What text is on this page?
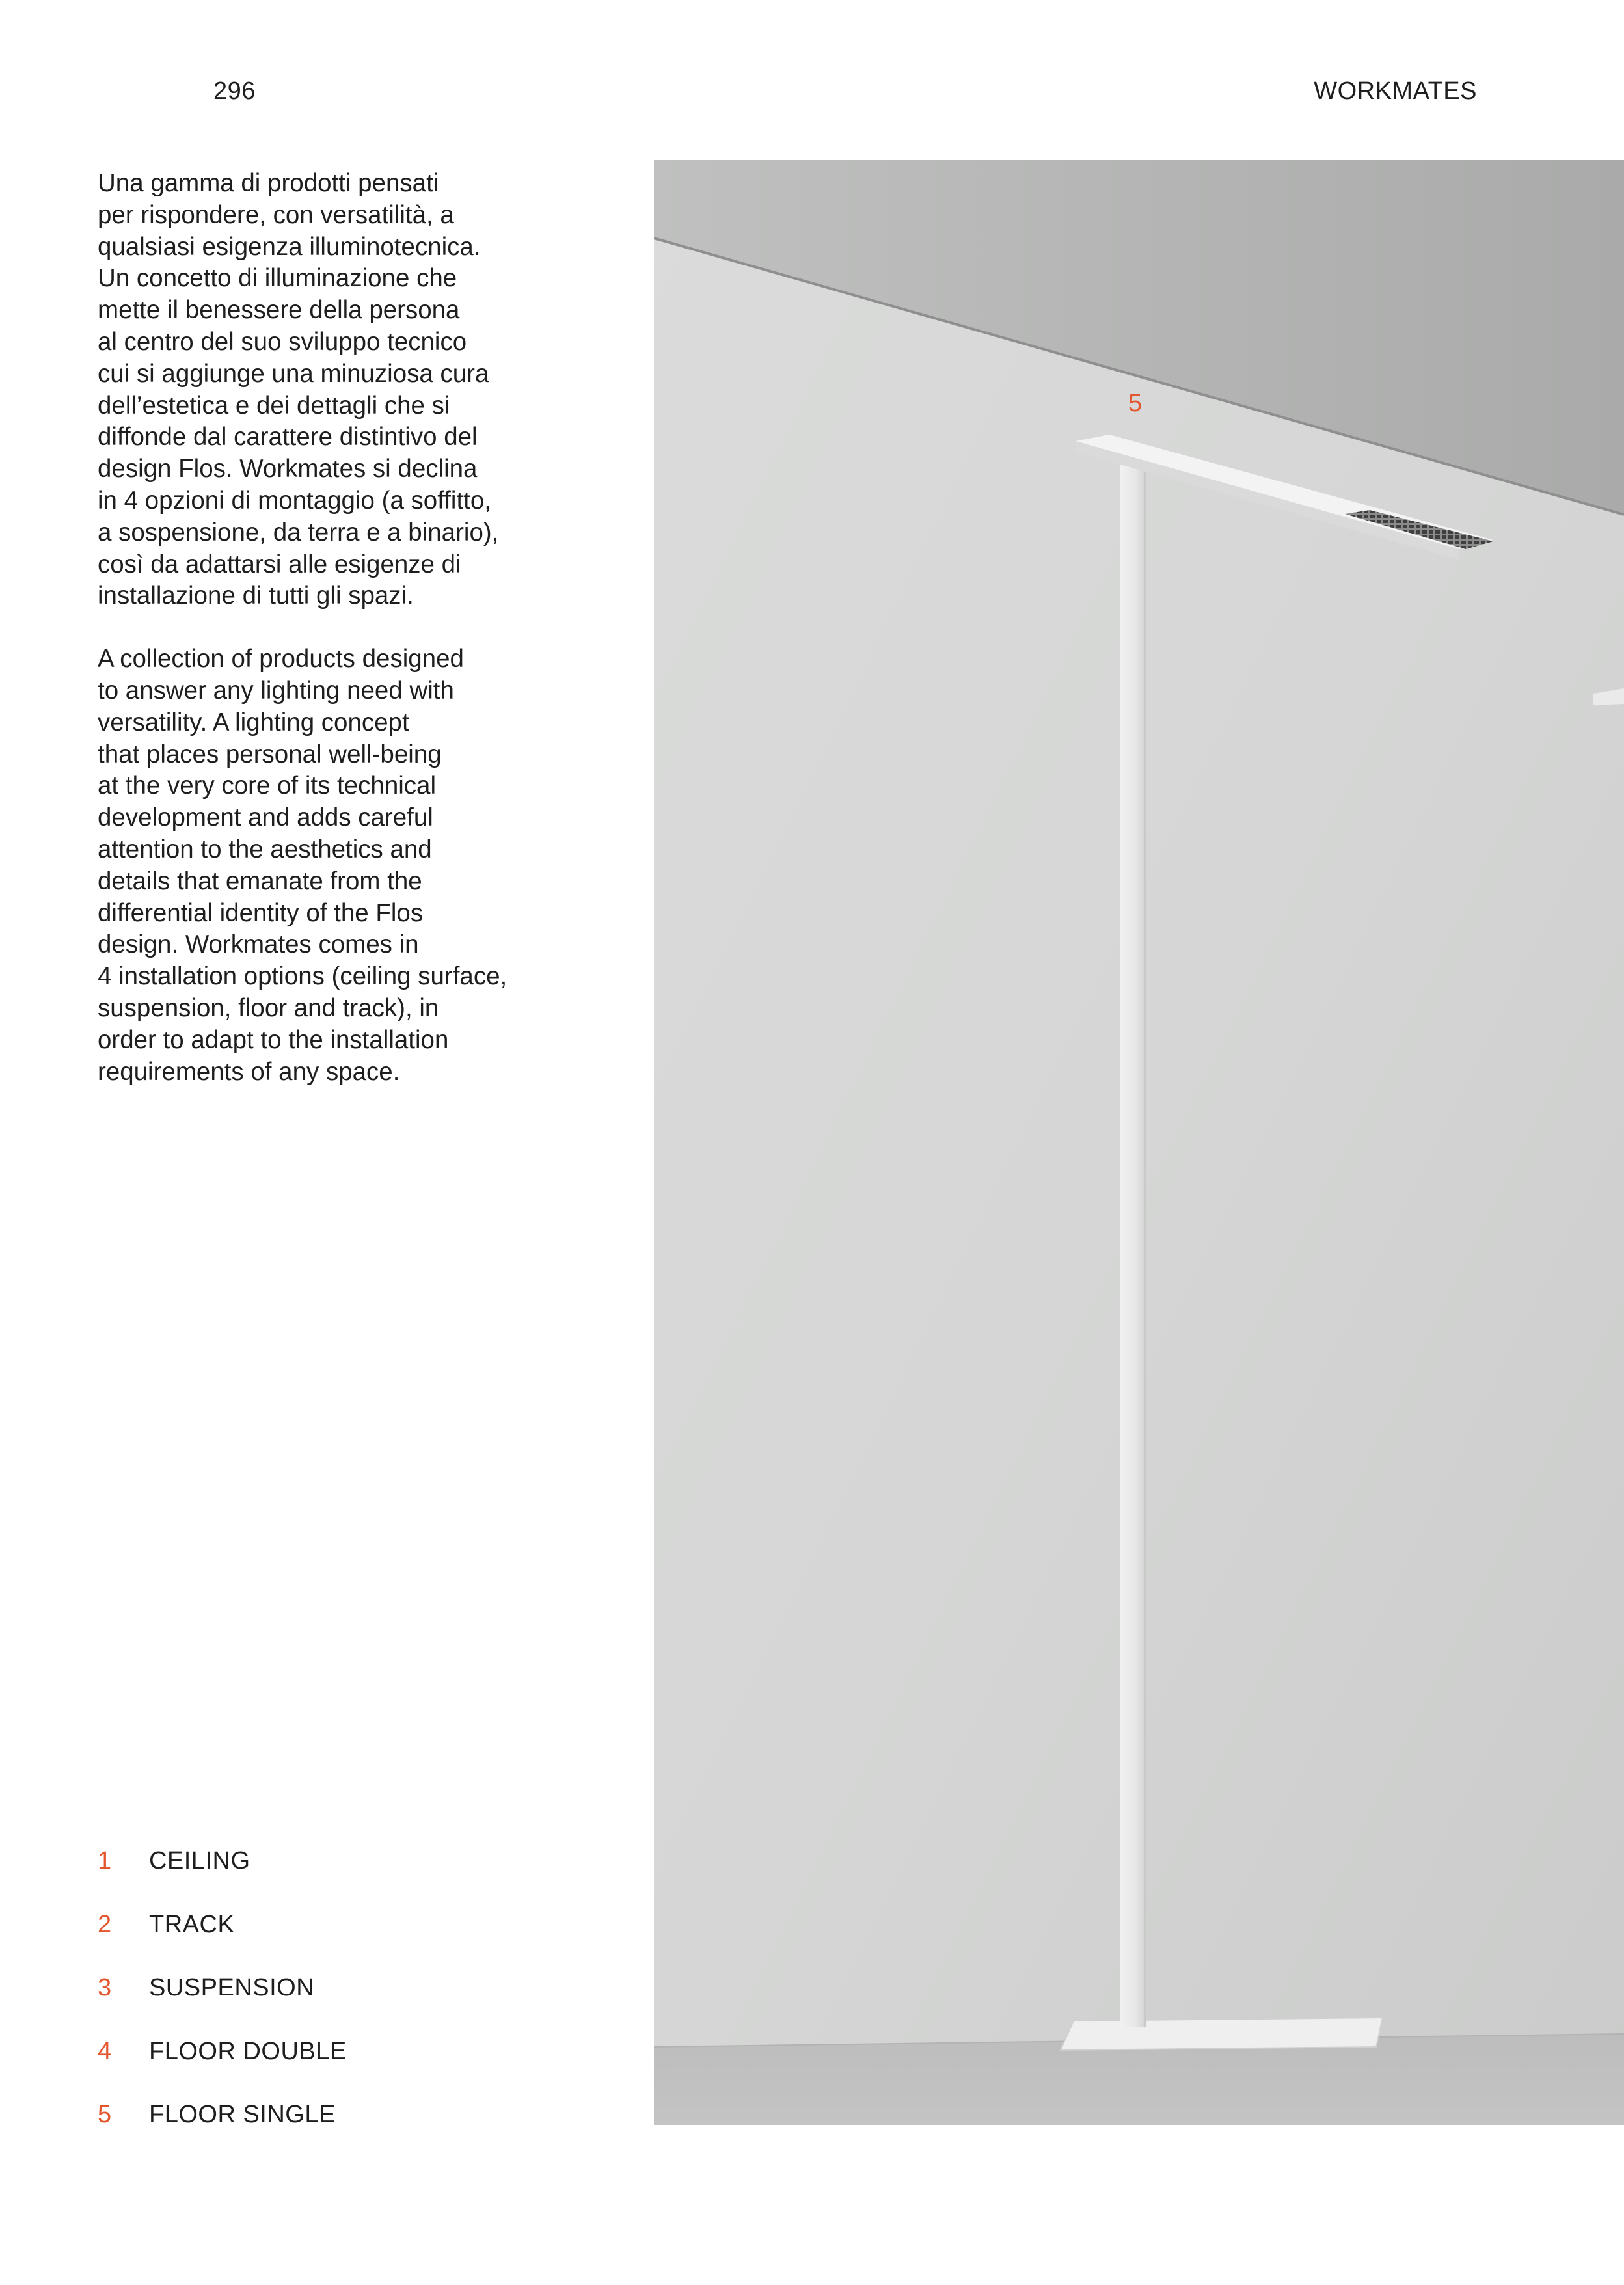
296	WORKMATES

Una gamma di prodotti pensati
per rispondere, con versatilità, a
qualsiasi esigenza illuminotecnica.
Un concetto di illuminazione che
mette il benessere della persona
al centro del suo sviluppo tecnico
cui si aggiunge una minuziosa cura
dell’estetica e dei dettagli che si
diffonde dal carattere distintivo del
design Flos. Workmates si declina
in 4 opzioni di montaggio (a soffitto,
a sospensione, da terra e a binario),
così da adattarsi alle esigenze di
installazione di tutti gli spazi.

A collection of products designed
to answer any lighting need with
versatility. A lighting concept
that places personal well-being
at the very core of its technical
development and adds careful
attention to the aesthetics and
details that emanate from the
differential identity of the Flos
design. Workmates comes in
4 installation options (ceiling surface,
suspension, floor and track), in
order to adapt to the installation
requirements of any space.

1 CEILING
2 TRACK
3 SUSPENSION
4 FLOOR DOUBLE
5 FLOOR SINGLE
5
